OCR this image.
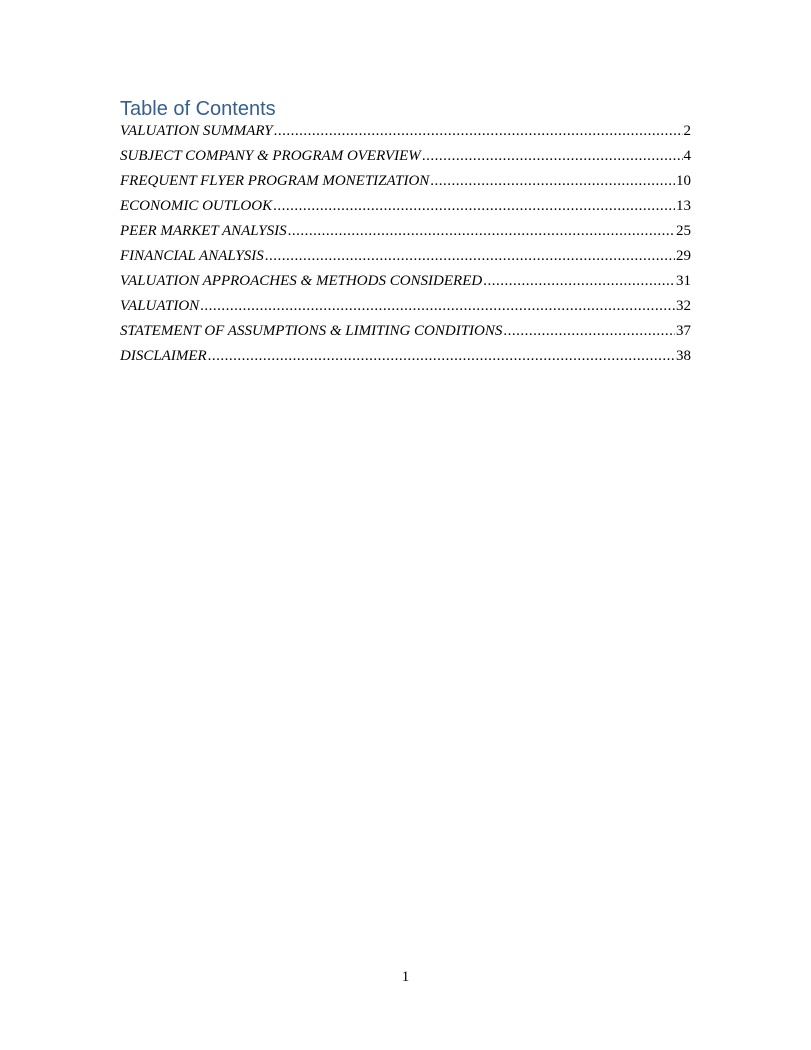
Table of Contents
VALUATION SUMMARY .....	2
SUBJECT COMPANY & PROGRAM OVERVIEW .....	4
FREQUENT FLYER PROGRAM MONETIZATION .....	10
ECONOMIC OUTLOOK .....	13
PEER MARKET ANALYSIS .....	25
FINANCIAL ANALYSIS .....	29
VALUATION APPROACHES & METHODS CONSIDERED .....	31
VALUATION .....	32
STATEMENT OF ASSUMPTIONS & LIMITING CONDITIONS .....	37
DISCLAIMER .....	38
1
